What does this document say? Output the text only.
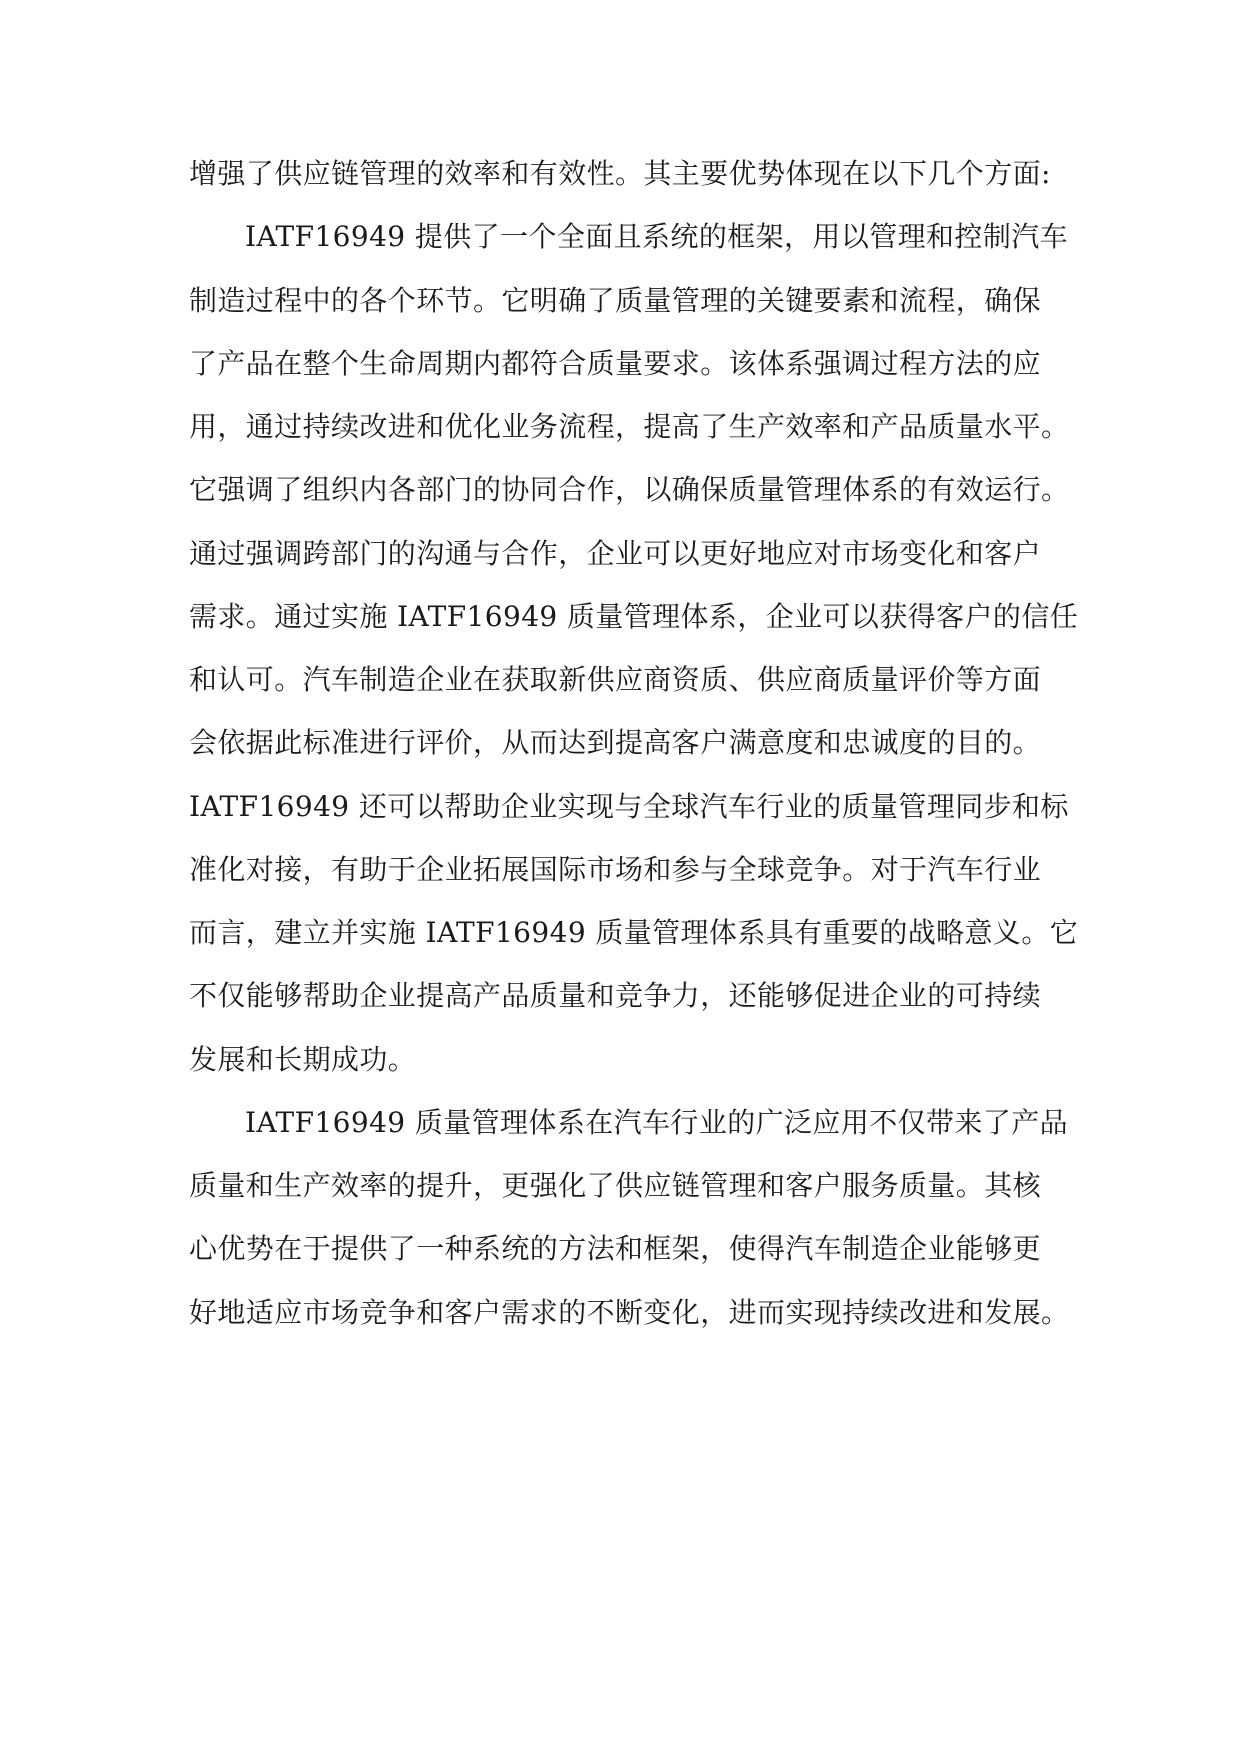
增强了供应链管理的效率和有效性。其主要优势体现在以下几个方面:
IATF16949 提供了一个全面且系统的框架，用以管理和控制汽车
制造过程中的各个环节。它明确了质量管理的关键要素和流程，确保
了产品在整个生命周期内都符合质量要求。该体系强调过程方法的应
用，通过持续改进和优化业务流程，提高了生产效率和产品质量水平。
它强调了组织内各部门的协同合作，以确保质量管理体系的有效运行。
通过强调跨部门的沟通与合作，企业可以更好地应对市场变化和客户
需求。通过实施 IATF16949 质量管理体系，企业可以获得客户的信任
和认可。汽车制造企业在获取新供应商资质、供应商质量评价等方面
会依据此标准进行评价，从而达到提高客户满意度和忠诚度的目的。
IATF16949 还可以帮助企业实现与全球汽车行业的质量管理同步和标
准化对接，有助于企业拓展国际市场和参与全球竞争。对于汽车行业
而言，建立并实施 IATF16949 质量管理体系具有重要的战略意义。它
不仅能够帮助企业提高产品质量和竞争力，还能够促进企业的可持续
发展和长期成功。
IATF16949 质量管理体系在汽车行业的广泛应用不仅带来了产品
质量和生产效率的提升，更强化了供应链管理和客户服务质量。其核
心优势在于提供了一种系统的方法和框架，使得汽车制造企业能够更
好地适应市场竞争和客户需求的不断变化，进而实现持续改进和发展。
